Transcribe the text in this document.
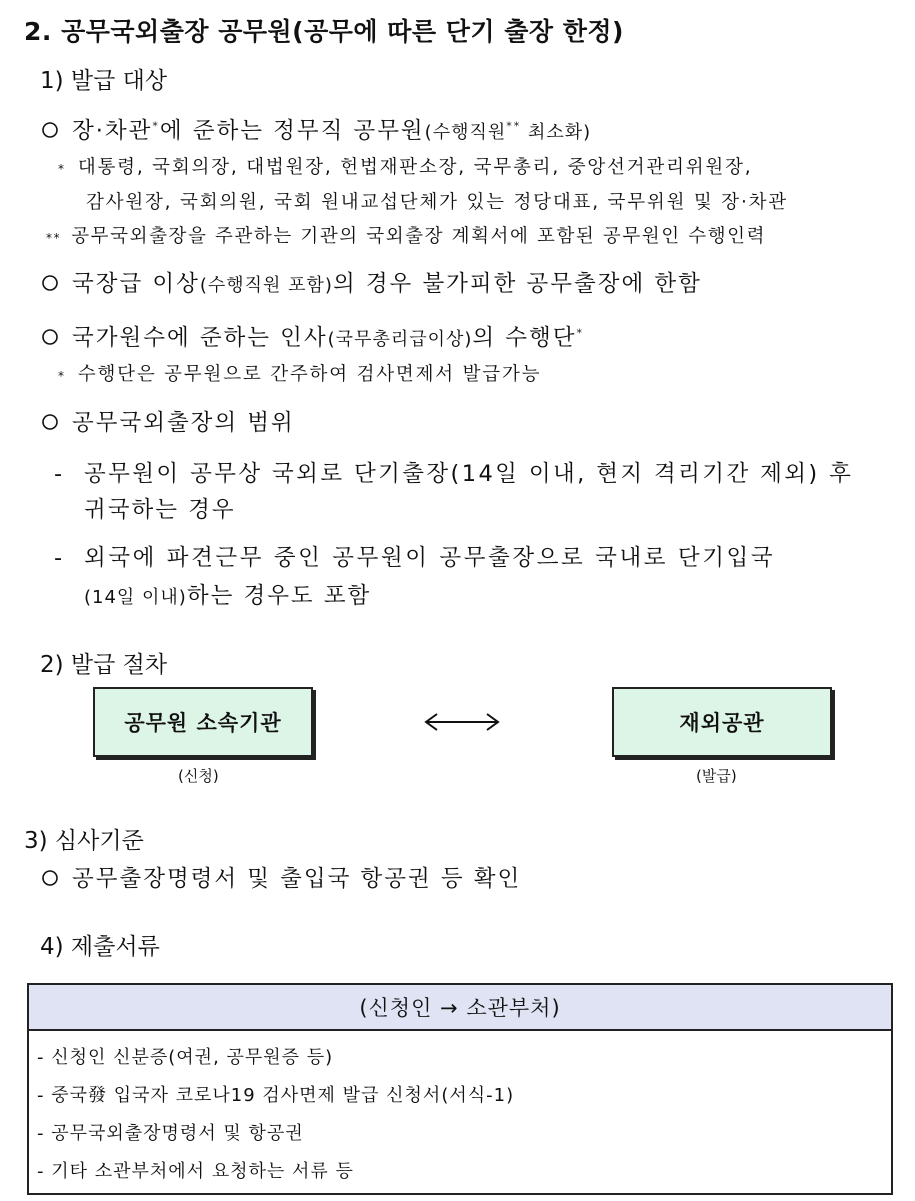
2. 공무국외출장 공무원(공무에 따른 단기 출장 한정)
1) 발급 대상
장·차관*에 준하는 정무직 공무원(수행직원** 최소화)
* 대통령, 국회의장, 대법원장, 헌법재판소장, 국무총리, 중앙선거관리위원장,
감사원장, 국회의원, 국회 원내교섭단체가 있는 정당대표, 국무위원 및 장·차관
** 공무국외출장을 주관하는 기관의 국외출장 계획서에 포함된 공무원인 수행인력
국장급 이상(수행직원 포함)의 경우 불가피한 공무출장에 한함
국가원수에 준하는 인사(국무총리급이상)의 수행단*
* 수행단은 공무원으로 간주하여 검사면제서 발급가능
공무국외출장의 범위
- 공무원이 공무상 국외로 단기출장(14일 이내, 현지 격리기간 제외) 후
귀국하는 경우
- 외국에 파견근무 중인 공무원이 공무출장으로 국내로 단기입국
(14일 이내)하는 경우도 포함
2) 발급 절차
공무원 소속기관
(신청)
재외공관
(발급)
3) 심사기준
공무출장명령서 및 출입국 항공권 등 확인
4) 제출서류
(신청인 → 소관부처)
- 신청인 신분증(여권, 공무원증 등)
- 중국發 입국자 코로나19 검사면제 발급 신청서(서식-1)
- 공무국외출장명령서 및 항공권
- 기타 소관부처에서 요청하는 서류 등
